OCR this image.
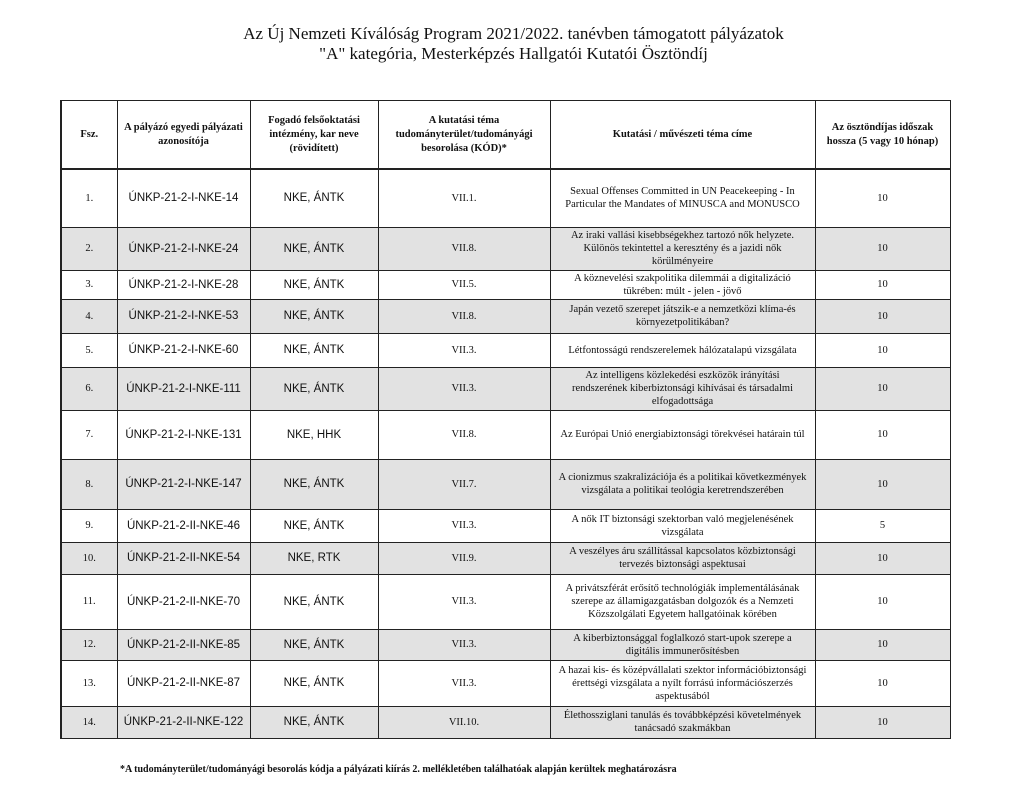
Az Új Nemzeti Kíválóság Program 2021/2022. tanévben támogatott pályázatok
"A" kategória, Mesterképzés Hallgatói Kutatói Ösztöndíj
Fsz.	A pályázó egyedi pályázati azonosítója	Fogadó felsőoktatási intézmény, kar neve (rövidített)	A kutatási téma tudományterület/tudományági besorolása (KÓD)*	Kutatási / művészeti téma címe	Az ösztöndíjas időszak hossza (5 vagy 10 hónap)
1.	ÚNKP-21-2-I-NKE-14	NKE, ÁNTK	VII.1.	Sexual Offenses Committed in UN Peacekeeping - In Particular the Mandates of MINUSCA and MONUSCO	10
2.	ÚNKP-21-2-I-NKE-24	NKE, ÁNTK	VII.8.	Az iraki vallási kisebbségekhez tartozó nők helyzete. Különös tekintettel a keresztény és a jazidi nők körülményeire	10
3.	ÚNKP-21-2-I-NKE-28	NKE, ÁNTK	VII.5.	A köznevelési szakpolitika dilemmái a digitalizáció tükrében: múlt - jelen - jövő	10
4.	ÚNKP-21-2-I-NKE-53	NKE, ÁNTK	VII.8.	Japán vezető szerepet játszik-e a nemzetközi klíma-és környezetpolitikában?	10
5.	ÚNKP-21-2-I-NKE-60	NKE, ÁNTK	VII.3.	Létfontosságú rendszerelemek hálózatalapú vizsgálata	10
6.	ÚNKP-21-2-I-NKE-111	NKE, ÁNTK	VII.3.	Az intelligens közlekedési eszközök irányítási rendszerének kiberbiztonsági kihívásai és társadalmi elfogadottsága	10
7.	ÚNKP-21-2-I-NKE-131	NKE, HHK	VII.8.	Az Európai Unió energiabiztonsági törekvései határain túl	10
8.	ÚNKP-21-2-I-NKE-147	NKE, ÁNTK	VII.7.	A cionizmus szakralizációja és a politikai következmények vizsgálata a politikai teológia keretrendszerében	10
9.	ÚNKP-21-2-II-NKE-46	NKE, ÁNTK	VII.3.	A nők IT biztonsági szektorban való megjelenésének vizsgálata	5
10.	ÚNKP-21-2-II-NKE-54	NKE, RTK	VII.9.	A veszélyes áru szállítással kapcsolatos közbiztonsági tervezés biztonsági aspektusai	10
11.	ÚNKP-21-2-II-NKE-70	NKE, ÁNTK	VII.3.	A privátszférát erősítő technológiák implementálásának szerepe az államigazgatásban dolgozók és a Nemzeti Közszolgálati Egyetem hallgatóinak körében	10
12.	ÚNKP-21-2-II-NKE-85	NKE, ÁNTK	VII.3.	A kiberbiztonsággal foglalkozó start-upok szerepe a digitális immunerősítésben	10
13.	ÚNKP-21-2-II-NKE-87	NKE, ÁNTK	VII.3.	A hazai kis- és középvállalati szektor információbiztonsági érettségi vizsgálata a nyílt forrású információszerzés aspektusából	10
14.	ÚNKP-21-2-II-NKE-122	NKE, ÁNTK	VII.10.	Élethossziglani tanulás és továbbképzési követelmények tanácsadó szakmákban	10
*A tudományterület/tudományági besorolás kódja a pályázati kiírás 2. mellékletében találhatóak alapján kerültek meghatározásra
